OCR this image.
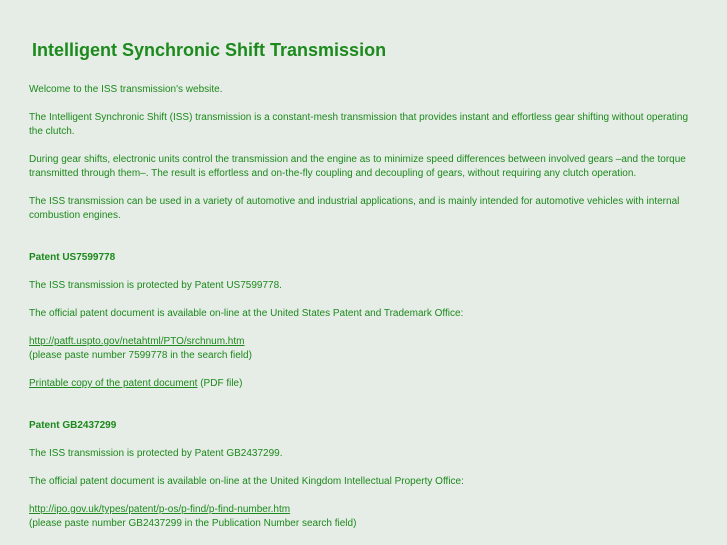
Intelligent Synchronic Shift Transmission

Welcome to the ISS transmission's website.

The Intelligent Synchronic Shift (ISS) transmission is a constant-mesh transmission that provides instant and effortless gear shifting without operating the clutch.

During gear shifts, electronic units control the transmission and the engine as to minimize speed differences between involved gears –and the torque transmitted through them–. The result is effortless and on-the-fly coupling and decoupling of gears, without requiring any clutch operation.

The ISS transmission can be used in a variety of automotive and industrial applications, and is mainly intended for automotive vehicles with internal combustion engines.

Patent US7599778

The ISS transmission is protected by Patent US7599778.

The official patent document is available on-line at the United States Patent and Trademark Office:

http://patft.uspto.gov/netahtml/PTO/srchnum.htm
(please paste number 7599778 in the search field)

Printable copy of the patent document (PDF file)

Patent GB2437299

The ISS transmission is protected by Patent GB2437299.

The official patent document is available on-line at the United Kingdom Intellectual Property Office:

http://ipo.gov.uk/types/patent/p-os/p-find/p-find-number.htm
(please paste number GB2437299 in the Publication Number search field)
